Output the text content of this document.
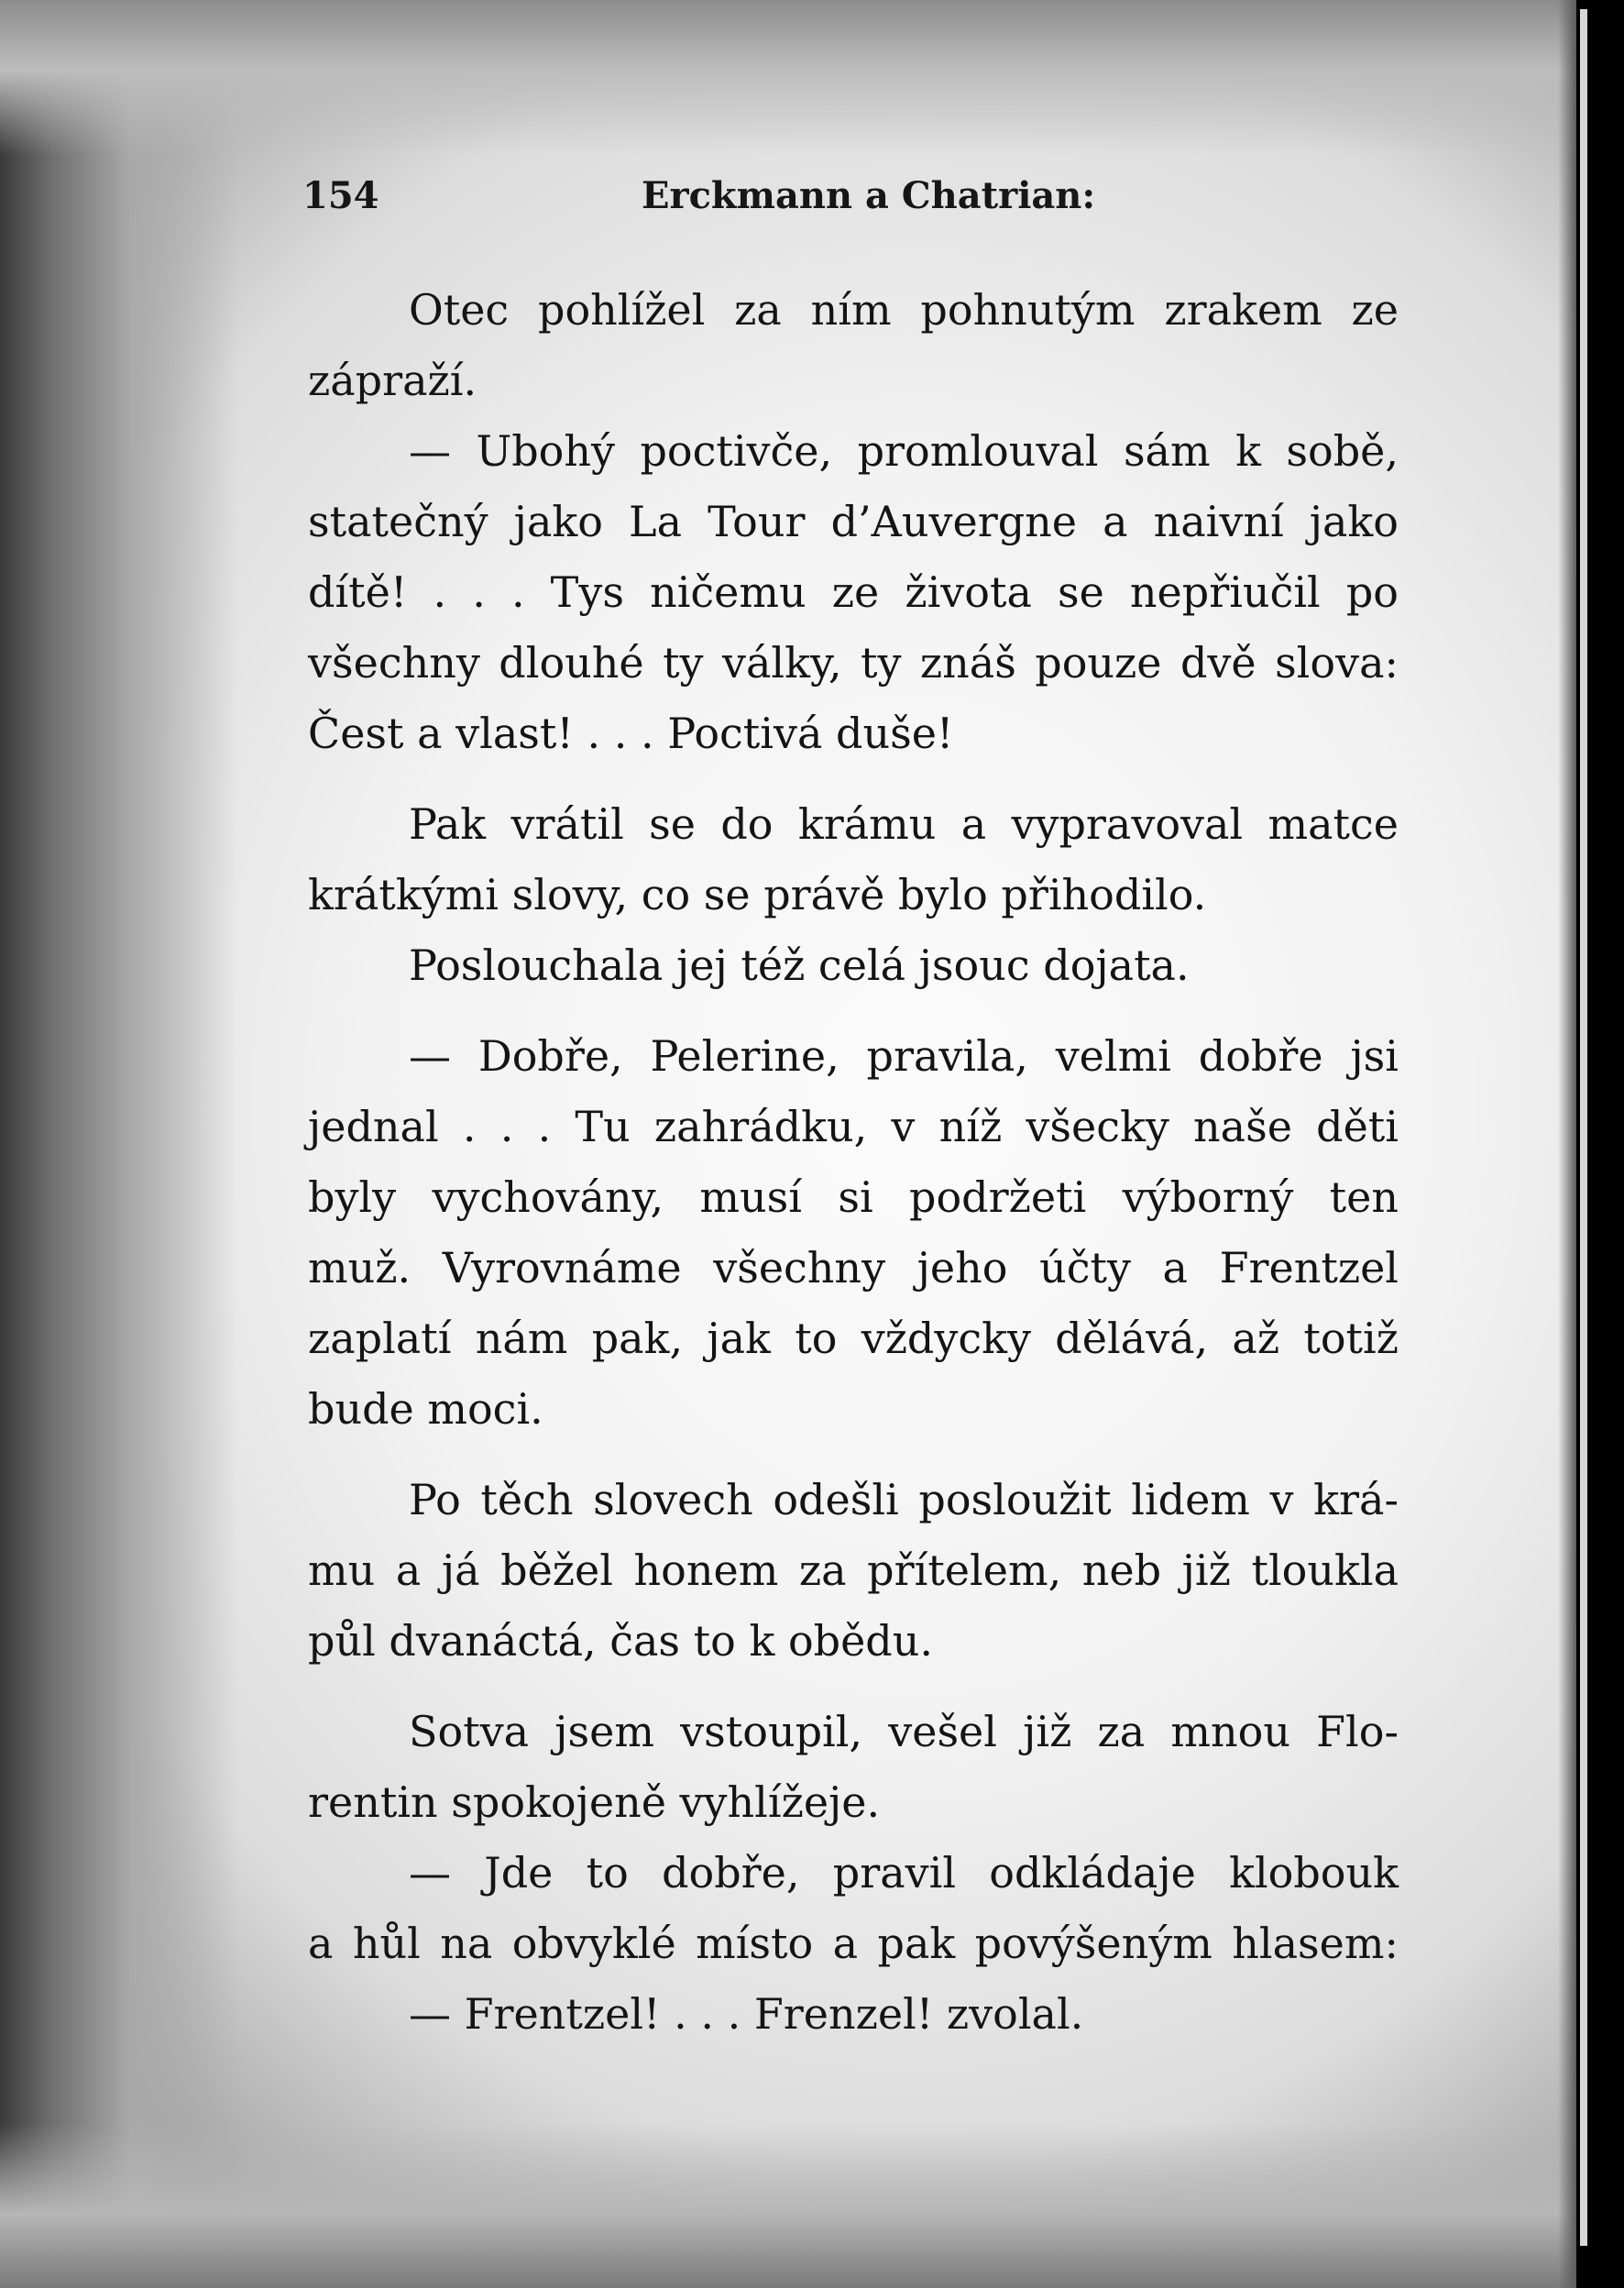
154	Erckmann a Chatrian:
Otec pohlížel za ním pohnutým zrakem ze
zápraží.
— Ubohý poctivče, promlouval sám k sobě,
statečný jako La Tour d’Auvergne a naivní jako
dítě! . . . Tys ničemu ze života se nepřiučil po
všechny dlouhé ty války, ty znáš pouze dvě slova:
Čest a vlast! . . . Poctivá duše!
Pak vrátil se do krámu a vypravoval matce
krátkými slovy, co se právě bylo přihodilo.
Poslouchala jej též celá jsouc dojata.
— Dobře, Pelerine, pravila, velmi dobře jsi
jednal . . . Tu zahrádku, v níž všecky naše děti
byly vychovány, musí si podržeti výborný ten
muž. Vyrovnáme všechny jeho účty a Frentzel
zaplatí nám pak, jak to vždycky dělává, až totiž
bude moci.
Po těch slovech odešli posloužit lidem v krá-
mu a já běžel honem za přítelem, neb již tloukla
půl dvanáctá, čas to k obědu.
Sotva jsem vstoupil, vešel již za mnou Flo-
rentin spokojeně vyhlížeje.
— Jde to dobře, pravil odkládaje klobouk
a hůl na obvyklé místo a pak povýšeným hlasem:
— Frentzel! . . . Frenzel! zvolal.
